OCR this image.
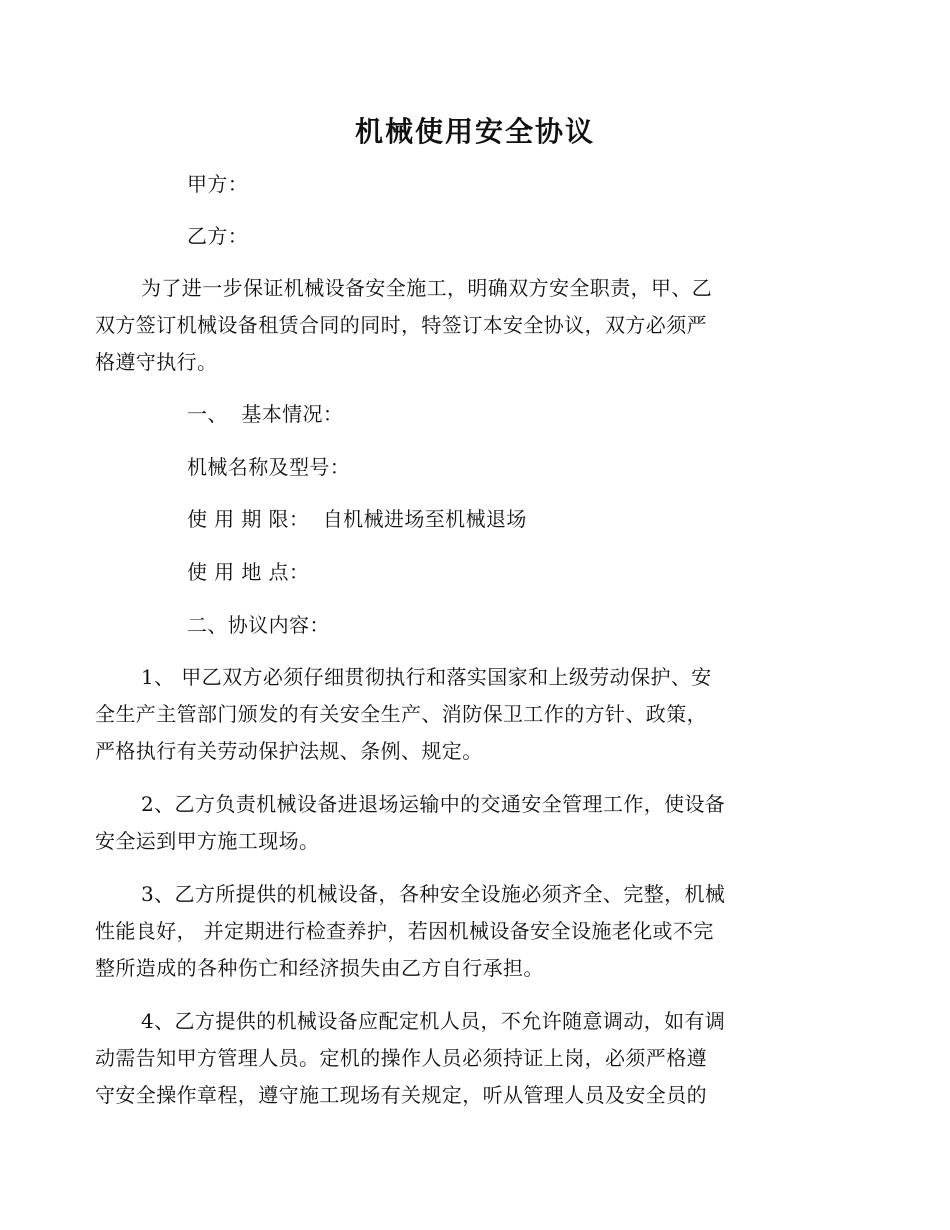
机械使用安全协议
甲方：
乙方：
为了进一步保证机械设备安全施工，明确双方安全职责，甲、乙
双方签订机械设备租赁合同的同时，特签订本安全协议，双方必须严
格遵守执行。
一、  基本情况：
机械名称及型号：
使 用 期 限：  自机械进场至机械退场
使 用 地 点：
二、协议内容：
1、 甲乙双方必须仔细贯彻执行和落实国家和上级劳动保护、安
全生产主管部门颁发的有关安全生产、消防保卫工作的方针、政策，
严格执行有关劳动保护法规、条例、规定。
2、乙方负责机械设备进退场运输中的交通安全管理工作，使设备
安全运到甲方施工现场。
3、乙方所提供的机械设备，各种安全设施必须齐全、完整，机械
性能良好， 并定期进行检查养护，若因机械设备安全设施老化或不完
整所造成的各种伤亡和经济损失由乙方自行承担。
4、乙方提供的机械设备应配定机人员，不允许随意调动，如有调
动需告知甲方管理人员。定机的操作人员必须持证上岗，必须严格遵
守安全操作章程，遵守施工现场有关规定，听从管理人员及安全员的
